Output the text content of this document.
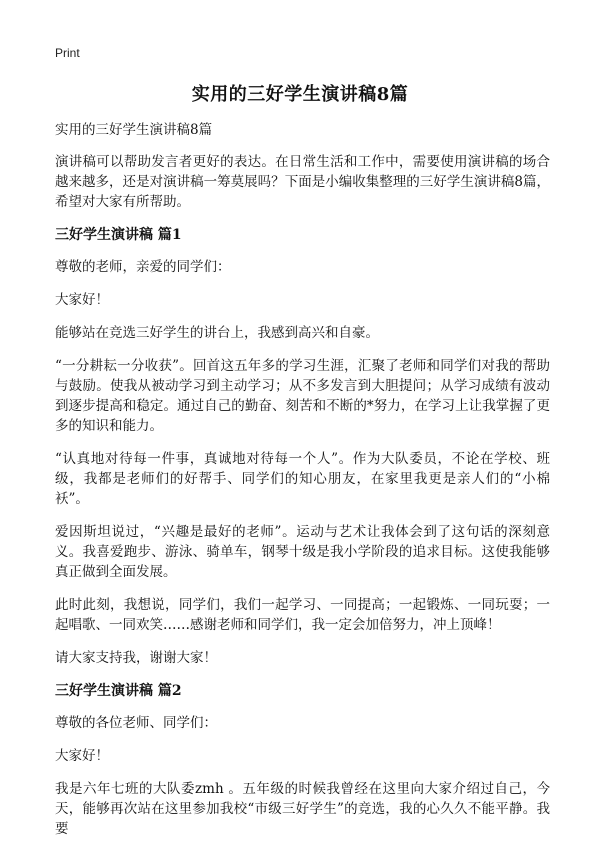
Print
实用的三好学生演讲稿8篇

实用的三好学生演讲稿8篇

演讲稿可以帮助发言者更好的表达。在日常生活和工作中，需要使用演讲稿的场合越来越多，还是对演讲稿一筹莫展吗？下面是小编收集整理的三好学生演讲稿8篇，希望对大家有所帮助。

三好学生演讲稿 篇1

尊敬的老师，亲爱的同学们：

大家好！

能够站在竞选三好学生的讲台上，我感到高兴和自豪。

“一分耕耘一分收获”。回首这五年多的学习生涯，汇聚了老师和同学们对我的帮助与鼓励。使我从被动学习到主动学习；从不多发言到大胆提问；从学习成绩有波动到逐步提高和稳定。通过自己的勤奋、刻苦和不断的*努力，在学习上让我掌握了更多的知识和能力。

“认真地对待每一件事，真诚地对待每一个人”。作为大队委员，不论在学校、班级，我都是老师们的好帮手、同学们的知心朋友，在家里我更是亲人们的“小棉袄”。

爱因斯坦说过，“兴趣是最好的老师”。运动与艺术让我体会到了这句话的深刻意义。我喜爱跑步、游泳、骑单车，钢琴十级是我小学阶段的追求目标。这使我能够真正做到全面发展。

此时此刻，我想说，同学们，我们一起学习、一同提高；一起锻炼、一同玩耍；一起唱歌、一同欢笑……感谢老师和同学们，我一定会加倍努力，冲上顶峰！

请大家支持我，谢谢大家！

三好学生演讲稿 篇2

尊敬的各位老师、同学们：

大家好！

我是六年七班的大队委zmh 。五年级的时候我曾经在这里向大家介绍过自己，今天，能够再次站在这里参加我校“市级三好学生”的竞选，我的心久久不能平静。我要
